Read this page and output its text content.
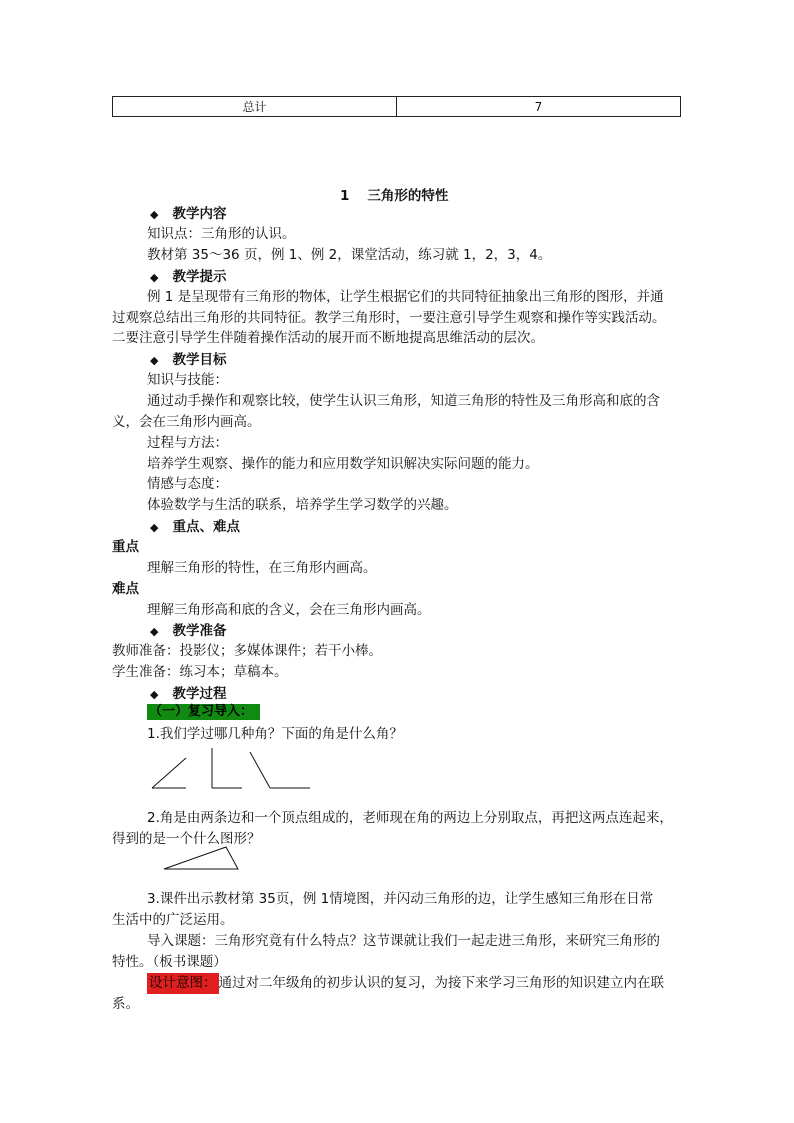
总计	7
1 三角形的特性
◆ 教学内容
知识点：三角形的认识。
教材第 35～36 页，例 1、例 2，课堂活动，练习就 1，2，3，4。
◆ 教学提示
例 1 是呈现带有三角形的物体，让学生根据它们的共同特征抽象出三角形的图形，并通
过观察总结出三角形的共同特征。教学三角形时，一要注意引导学生观察和操作等实践活动。
二要注意引导学生伴随着操作活动的展开而不断地提高思维活动的层次。
◆ 教学目标
知识与技能：
通过动手操作和观察比较，使学生认识三角形，知道三角形的特性及三角形高和底的含
义，会在三角形内画高。
过程与方法：
培养学生观察、操作的能力和应用数学知识解决实际问题的能力。
情感与态度：
体验数学与生活的联系，培养学生学习数学的兴趣。
◆ 重点、难点
重点
理解三角形的特性，在三角形内画高。
难点
理解三角形高和底的含义，会在三角形内画高。
◆ 教学准备
教师准备：投影仪；多媒体课件；若干小棒。
学生准备：练习本；草稿本。
◆ 教学过程
（一）复习导入：
1.我们学过哪几种角？下面的角是什么角？
2.角是由两条边和一个顶点组成的，老师现在角的两边上分别取点，再把这两点连起来，
得到的是一个什么图形？
3.课件出示教材第 35页，例 1情境图，并闪动三角形的边，让学生感知三角形在日常
生活中的广泛运用。
导入课题：三角形究竟有什么特点？这节课就让我们一起走进三角形，来研究三角形的
特性。（板书课题）
设计意图： 通过对二年级角的初步认识的复习，为接下来学习三角形的知识建立内在联
系。
